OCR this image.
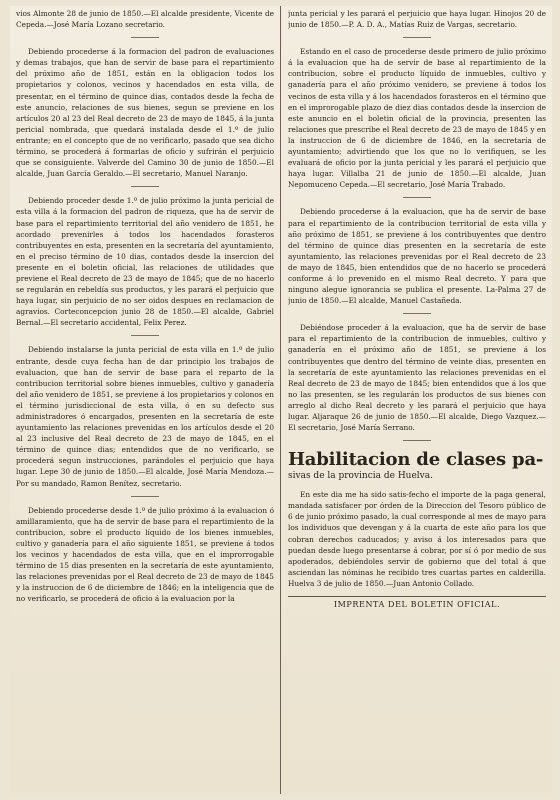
vios Almonte 28 de junio de 1850.—El alcalde presidente, Vicente de Cepeda.—José María Lozano secretario.

Debiendo procederse á la formacion del padron de evaluaciones y demas trabajos, que han de servir de base para el repartimiento del próximo año de 1851, están en la obligacion todos los propietarios y colonos, vecinos y hacendados en esta villa, de presentar, en el término de quince dias, contados desde la fecha de este anuncio, relaciones de sus bienes, segun se previene en los artículos 20 al 23 del Real decreto de 23 de mayo de 1845, á la junta pericial nombrada, que quedará instalada desde el 1.º de julio entrante; en el concepto que de no verificarlo, pasado que sea dicho término, se procederá á formarlas de oficio y sufrirán el perjuicio que se consiguiente. Valverde del Camino 30 de junio de 1850.—El alcalde, Juan García Geraldo.—El secretario, Manuel Naranjo.

Debiendo proceder desde 1.º de julio próximo la junta pericial de esta villa á la formacion del padron de riqueza, que ha de servir de base para el repartimiento territorial del año venidero de 1851, he acordado prevenirles á todos los hacendados forasteros contribuyentes en esta, presenten en la secretaría del ayuntamiento, en el preciso término de 10 dias, contados desde la insercion del presente en el boletin oficial, las relaciones de utilidades que previene el Real decreto de 23 de mayo de 1845; que de no hacerlo se regularán en rebeldía sus productos, y les parará el perjuicio que haya lugar, sin perjuicio de no ser oidos despues en reclamacion de agravios. Corteconcepcion junio 28 de 1850.—El alcalde, Gabriel Bernal.—El secretario accidental, Felix Perez.

Debiendo instalarse la junta pericial de esta villa en 1.º de julio entrante, desde cuya fecha han de dar principio los trabajos de evaluacion, que han de servir de base para el reparto de la contribucion territorial sobre bienes inmuebles, cultivo y ganadería del año venidero de 1851, se previene á los propietarios y colonos en el término jurisdiccional de esta villa, ó en su defecto sus administradores ó encargados, presenten en la secretaría de este ayuntamiento las relaciones prevenidas en los artículos desde el 20 al 23 inclusive del Real decreto de 23 de mayo de 1845, en el término de quince dias; entendidos que de no verificarlo, se procederá segun instrucciones, parándoles el perjuicio que haya lugar. Lepe 30 de junio de 1850.—El alcalde, José María Mendoza.—Por su mandado, Ramon Benítez, secretario.

Debiendo procederse desde 1.º de julio próximo á la evaluacion ó amillaramiento, que ha de servir de base para el repartimiento de la contribucion, sobre el producto líquido de los bienes inmuebles, cultivo y ganadería para el año siguiente 1851, se previene á todos los vecinos y hacendados de esta villa, que en el improrrogable término de 15 dias presenten en la secretaría de este ayuntamiento, las relaciones prevenidas por el Real decreto de 23 de mayo de 1845 y la instruccion de 6 de diciembre de 1846; en la inteligencia que de no verificarlo, se procederá de oficio á la evaluacion por la

junta pericial y les parará el perjuicio que haya lugar. Hinojos 20 de junio de 1850.—P. A. D. A., Matías Ruiz de Vargas, secretario.

Estando en el caso de procederse desde primero de julio próximo á la evaluacion que ha de servir de base al repartimiento de la contribucion, sobre el producto líquido de inmuebles, cultivo y ganadería para el año próximo venidero, se previene á todos los vecinos de esta villa y á los hacendados forasteros en el término que en el improrogable plazo de diez dias contados desde la insercion de este anuncio en el boletin oficial de la provincia, presenten las relaciones que prescribe el Real decreto de 23 de mayo de 1845 y en la instruccion de 6 de diciembre de 1846, en la secretaría de ayuntamiento; advirtiendo que los que no lo verifiquen, se les evaluará de oficio por la junta pericial y les parará el perjuicio que haya lugar. Villalba 21 de junio de 1850.—El alcalde, Juan Nepomuceno Cepeda.—El secretario, José María Trabado.

Debiendo procederse á la evaluacion, que ha de servir de base para el repartimiento de la contribucion territorial de esta villa y año próximo de 1851, se previene á los contribuyentes que dentro del término de quince dias presenten en la secretaría de este ayuntamiento, las relaciones prevenidas por el Real decreto de 23 de mayo de 1845, bien entendidos que de no hacerlo se procederá conforme á lo prevenido en el mismo Real decreto. Y para que ninguno alegue ignorancia se publica el presente. La-Palma 27 de junio de 1850.—El alcalde, Manuel Castañeda.

Debiéndose proceder á la evaluacion, que ha de servir de base para el repartimiento de la contribucion de inmuebles, cultivo y ganadería en el próximo año de 1851, se previene á los contribuyentes que dentro del término de veinte dias, presenten en la secretaría de este ayuntamiento las relaciones prevenidas en el Real decreto de 23 de mayo de 1845; bien entendidos que á los que no las presenten, se les regularán los productos de sus bienes con arreglo al dicho Real decreto y les parará el perjuicio que haya lugar. Aljaraque 26 de junio de 1850.—El alcalde, Diego Vazquez.—El secretario, José María Serrano.

Habilitacion de clases pa-
sivas de la provincia de Huelva.

En este dia me ha sido satis-fecho el importe de la paga general, mandada satisfacer por órden de la Direccion del Tesoro público de 6 de junio próximo pasado, la cual corresponde al mes de mayo para los individuos que devengan y á la cuarta de este año para los que cobran derechos caducados; y aviso á los interesados para que puedan desde luego presentarse á cobrar, por sí ó por medio de sus apoderados, debiéndoles servir de gobierno que del total á que asciendan las nóminas he recibido tres cuartas partes en calderilla. Huelva 3 de julio de 1850.—Juan Antonio Collado.

IMPRENTA DEL BOLETIN OFICIAL.
